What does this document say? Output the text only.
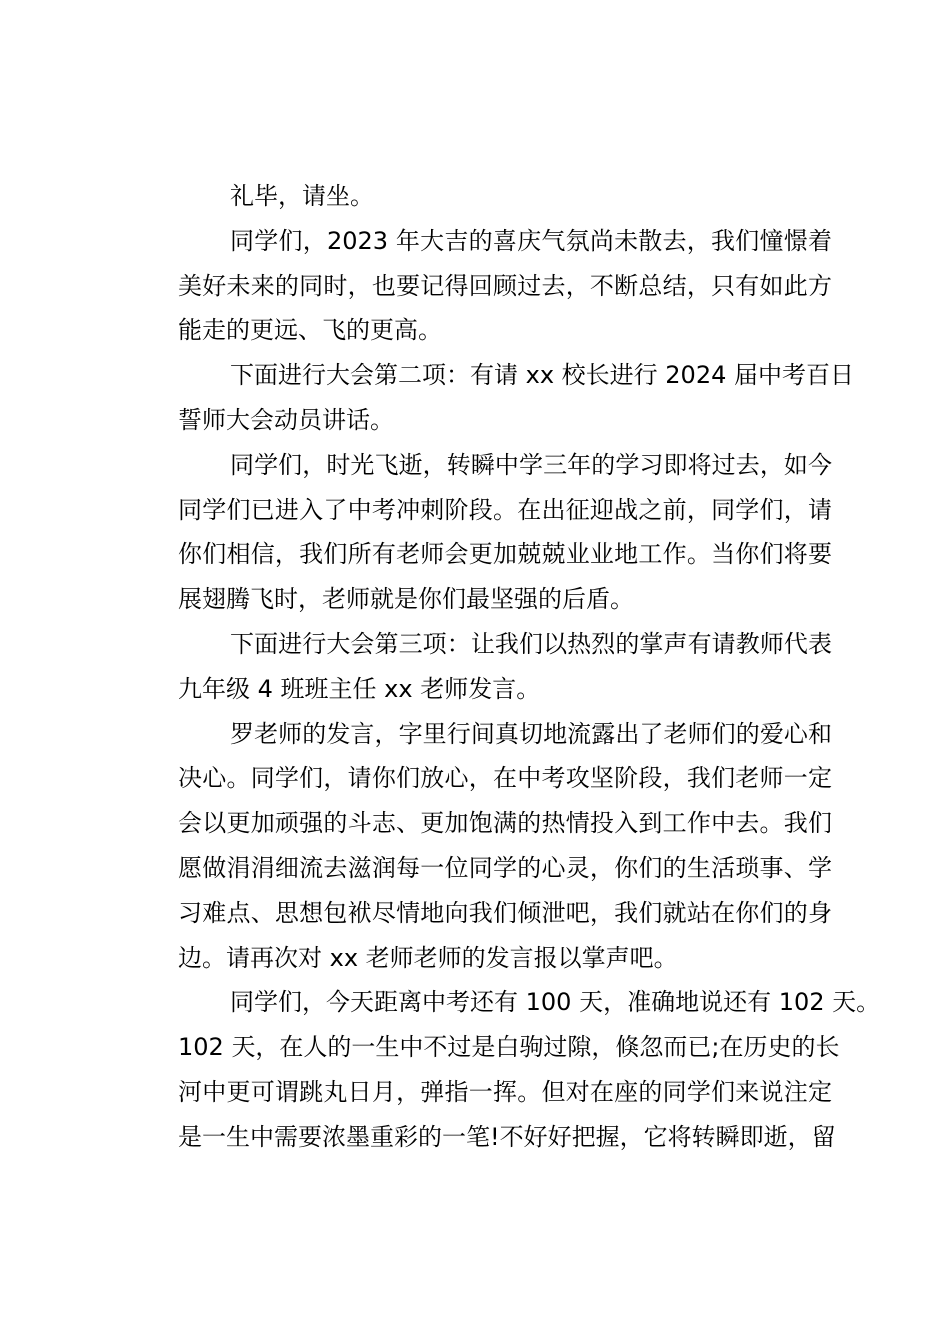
礼毕，请坐。
同学们，2023 年大吉的喜庆气氛尚未散去，我们憧憬着
美好未来的同时，也要记得回顾过去，不断总结，只有如此方
能走的更远、飞的更高。
下面进行大会第二项：有请 xx 校长进行 2024 届中考百日
誓师大会动员讲话。
同学们，时光飞逝，转瞬中学三年的学习即将过去，如今
同学们已进入了中考冲刺阶段。在出征迎战之前，同学们，请
你们相信，我们所有老师会更加兢兢业业地工作。当你们将要
展翅腾飞时，老师就是你们最坚强的后盾。
下面进行大会第三项：让我们以热烈的掌声有请教师代表
九年级 4 班班主任 xx 老师发言。
罗老师的发言，字里行间真切地流露出了老师们的爱心和
决心。同学们，请你们放心，在中考攻坚阶段，我们老师一定
会以更加顽强的斗志、更加饱满的热情投入到工作中去。我们
愿做涓涓细流去滋润每一位同学的心灵，你们的生活琐事、学
习难点、思想包袱尽情地向我们倾泄吧，我们就站在你们的身
边。请再次对 xx 老师老师的发言报以掌声吧。
同学们，今天距离中考还有 100 天，准确地说还有 102 天。
102 天，在人的一生中不过是白驹过隙，倏忽而已;在历史的长
河中更可谓跳丸日月，弹指一挥。但对在座的同学们来说注定
是一生中需要浓墨重彩的一笔!不好好把握，它将转瞬即逝，留
